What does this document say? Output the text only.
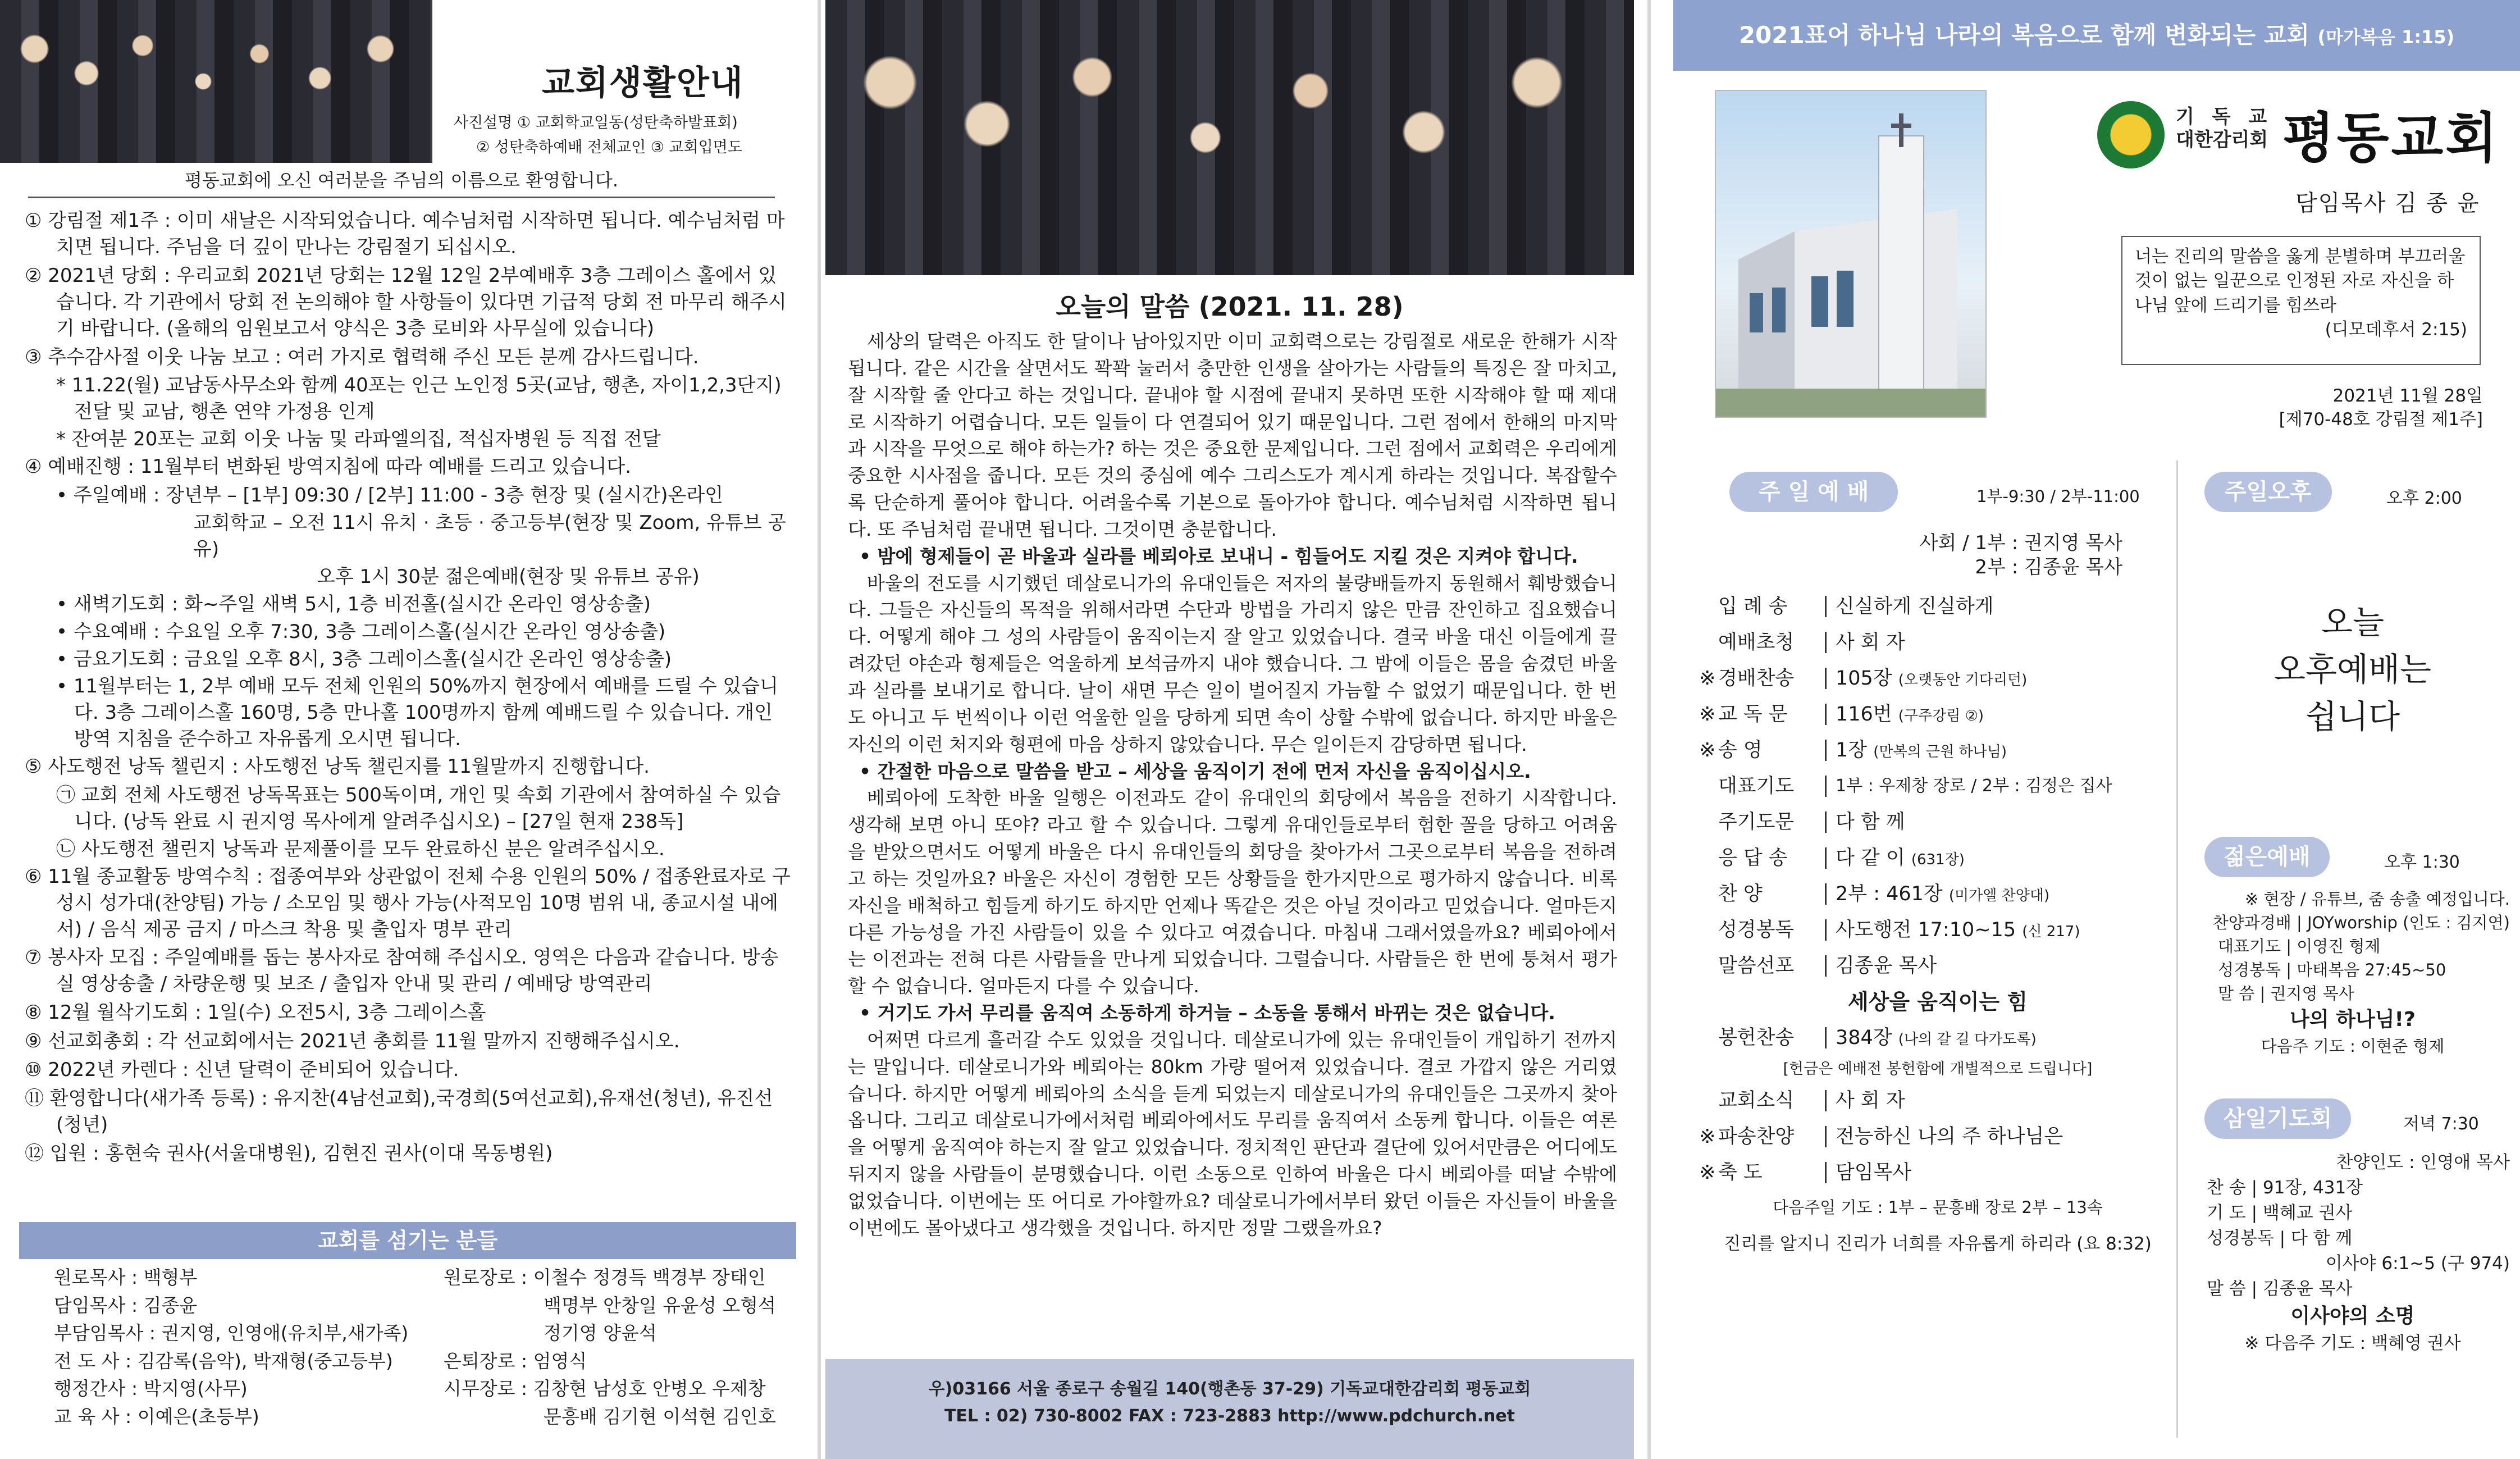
교회생활안내
사진설명 ① 교회학교일동(성탄축하발표회)
② 성탄축하예배 전체교인 ③ 교회입면도
평동교회에 오신 여러분을 주님의 이름으로 환영합니다.
① 강림절 제1주 : 이미 새날은 시작되었습니다. 예수님처럼 시작하면 됩니다. 예수님처럼 마치면 됩니다. 주님을 더 깊이 만나는 강림절기 되십시오.
② 2021년 당회 : 우리교회 2021년 당회는 12월 12일 2부예배후 3층 그레이스 홀에서 있습니다. 각 기관에서 당회 전 논의해야 할 사항들이 있다면 기급적 당회 전 마무리 해주시기 바랍니다. (올해의 임원보고서 양식은 3층 로비와 사무실에 있습니다)
③ 추수감사절 이웃 나눔 보고 : 여러 가지로 협력해 주신 모든 분께 감사드립니다.
* 11.22(월) 교남동사무소와 함께 40포는 인근 노인정 5곳(교남, 행촌, 자이1,2,3단지) 전달 및 교남, 행촌 연약 가정용 인계
* 잔여분 20포는 교회 이웃 나눔 및 라파엘의집, 적십자병원 등 직접 전달
④ 예배진행 : 11월부터 변화된 방역지침에 따라 예배를 드리고 있습니다.
• 주일예배 : 장년부 – [1부] 09:30 / [2부] 11:00 - 3층 현장 및 (실시간)온라인
교회학교 – 오전 11시 유치 · 초등 · 중고등부(현장 및 Zoom, 유튜브 공유)
오후 1시 30분 젊은예배(현장 및 유튜브 공유)
• 새벽기도회 : 화~주일 새벽 5시, 1층 비전홀(실시간 온라인 영상송출)
• 수요예배 : 수요일 오후 7:30, 3층 그레이스홀(실시간 온라인 영상송출)
• 금요기도회 : 금요일 오후 8시, 3층 그레이스홀(실시간 온라인 영상송출)
• 11월부터는 1, 2부 예배 모두 전체 인원의 50%까지 현장에서 예배를 드릴 수 있습니다. 3층 그레이스홀 160명, 5층 만나홀 100명까지 함께 예배드릴 수 있습니다. 개인 방역 지침을 준수하고 자유롭게 오시면 됩니다.
⑤ 사도행전 낭독 챌린지 : 사도행전 낭독 챌린지를 11월말까지 진행합니다.
㉠ 교회 전체 사도행전 낭독목표는 500독이며, 개인 및 속회 기관에서 참여하실 수 있습니다. (낭독 완료 시 권지영 목사에게 알려주십시오) – [27일 현재 238독]
㉡ 사도행전 챌린지 낭독과 문제풀이를 모두 완료하신 분은 알려주십시오.
⑥ 11월 종교활동 방역수칙 : 접종여부와 상관없이 전체 수용 인원의 50% / 접종완료자로 구성시 성가대(찬양팀) 가능 / 소모임 및 행사 가능(사적모임 10명 범위 내, 종교시설 내에서) / 음식 제공 금지 / 마스크 착용 및 출입자 명부 관리
⑦ 봉사자 모집 : 주일예배를 돕는 봉사자로 참여해 주십시오. 영역은 다음과 같습니다. 방송실 영상송출 / 차량운행 및 보조 / 출입자 안내 및 관리 / 예배당 방역관리
⑧ 12월 월삭기도회 : 1일(수) 오전5시, 3층 그레이스홀
⑨ 선교회총회 : 각 선교회에서는 2021년 총회를 11월 말까지 진행해주십시오.
⑩ 2022년 카렌다 : 신년 달력이 준비되어 있습니다.
⑪ 환영합니다(새가족 등록) : 유지찬(4남선교회),국경희(5여선교회),유재선(청년), 유진선(청년)
⑫ 입원 : 홍현숙 권사(서울대병원), 김현진 권사(이대 목동병원)
교회를 섬기는 분들
원로목사 : 백형부
담임목사 : 김종윤
부담임목사 : 권지영, 인영애(유치부,새가족)
전 도 사 : 김감록(음악), 박재형(중고등부)
행정간사 : 박지영(사무)
교 육 사 : 이예은(초등부)
원로장로 : 이철수 정경득 백경부 장태인
백명부 안창일 유윤성 오형석
정기영 양윤석
은퇴장로 : 엄영식
시무장로 : 김창현 남성호 안병오 우제창
문흥배 김기현 이석현 김인호
오늘의 말씀 (2021. 11. 28)

세상의 달력은 아직도 한 달이나 남아있지만 이미 교회력으로는 강림절로 새로운 한해가 시작됩니다. 같은 시간을 살면서도 꽉꽉 눌러서 충만한 인생을 살아가는 사람들의 특징은 잘 마치고, 잘 시작할 줄 안다고 하는 것입니다. 끝내야 할 시점에 끝내지 못하면 또한 시작해야 할 때 제대로 시작하기 어렵습니다. 모든 일들이 다 연결되어 있기 때문입니다. 그런 점에서 한해의 마지막과 시작을 무엇으로 해야 하는가? 하는 것은 중요한 문제입니다. 그런 점에서 교회력은 우리에게 중요한 시사점을 줍니다. 모든 것의 중심에 예수 그리스도가 계시게 하라는 것입니다. 복잡할수록 단순하게 풀어야 합니다. 어려울수록 기본으로 돌아가야 합니다. 예수님처럼 시작하면 됩니다. 또 주님처럼 끝내면 됩니다. 그것이면 충분합니다.

• 밤에 형제들이 곧 바울과 실라를 베뢰아로 보내니 - 힘들어도 지킬 것은 지켜야 합니다.

바울의 전도를 시기했던 데살로니가의 유대인들은 저자의 불량배들까지 동원해서 훼방했습니다. 그들은 자신들의 목적을 위해서라면 수단과 방법을 가리지 않은 만큼 잔인하고 집요했습니다. 어떻게 해야 그 성의 사람들이 움직이는지 잘 알고 있었습니다. 결국 바울 대신 이들에게 끌려갔던 야손과 형제들은 억울하게 보석금까지 내야 했습니다. 그 밤에 이들은 몸을 숨겼던 바울과 실라를 보내기로 합니다. 날이 새면 무슨 일이 벌어질지 가늠할 수 없었기 때문입니다. 한 번도 아니고 두 번씩이나 이런 억울한 일을 당하게 되면 속이 상할 수밖에 없습니다. 하지만 바울은 자신의 이런 처지와 형편에 마음 상하지 않았습니다. 무슨 일이든지 감당하면 됩니다.

• 간절한 마음으로 말씀을 받고 – 세상을 움직이기 전에 먼저 자신을 움직이십시오.

베뢰아에 도착한 바울 일행은 이전과도 같이 유대인의 회당에서 복음을 전하기 시작합니다. 생각해 보면 아니 또야? 라고 할 수 있습니다. 그렇게 유대인들로부터 험한 꼴을 당하고 어려움을 받았으면서도 어떻게 바울은 다시 유대인들의 회당을 찾아가서 그곳으로부터 복음을 전하려고 하는 것일까요? 바울은 자신이 경험한 모든 상황들을 한가지만으로 평가하지 않습니다. 비록 자신을 배척하고 힘들게 하기도 하지만 언제나 똑같은 것은 아닐 것이라고 믿었습니다. 얼마든지 다른 가능성을 가진 사람들이 있을 수 있다고 여겼습니다. 마침내 그래서였을까요? 베뢰아에서는 이전과는 전혀 다른 사람들을 만나게 되었습니다. 그럴습니다. 사람들은 한 번에 퉁쳐서 평가할 수 없습니다. 얼마든지 다를 수 있습니다.

• 거기도 가서 무리를 움직여 소동하게 하거늘 – 소동을 통해서 바뀌는 것은 없습니다.

어쩌면 다르게 흘러갈 수도 있었을 것입니다. 데살로니가에 있는 유대인들이 개입하기 전까지는 말입니다. 데살로니가와 베뢰아는 80km 가량 떨어져 있었습니다. 결코 가깝지 않은 거리였습니다. 하지만 어떻게 베뢰아의 소식을 듣게 되었는지 데살로니가의 유대인들은 그곳까지 찾아옵니다. 그리고 데살로니가에서처럼 베뢰아에서도 무리를 움직여서 소동케 합니다. 이들은 여론을 어떻게 움직여야 하는지 잘 알고 있었습니다. 정치적인 판단과 결단에 있어서만큼은 어디에도 뒤지지 않을 사람들이 분명했습니다. 이런 소동으로 인하여 바울은 다시 베뢰아를 떠날 수밖에 없었습니다. 이번에는 또 어디로 가야할까요? 데살로니가에서부터 왔던 이들은 자신들이 바울을 이번에도 몰아냈다고 생각했을 것입니다. 하지만 정말 그랬을까요?

우)03166 서울 종로구 송월길 140(행촌동 37-29) 기독교대한감리회 평동교회
TEL : 02) 730-8002 FAX : 723-2883 http://www.pdchurch.net
2021표어 하나님 나라의 복음으로 함께 변화되는 교회 (마가복음 1:15)
기 독 교
대한감리회 평동교회
담임목사 김 종 윤
너는 진리의 말씀을 옳게 분별하며 부끄러울 것이 없는 일꾼으로 인정된 자로 자신을 하나님 앞에 드리기를 힘쓰라
(디모데후서 2:15)
2021년 11월 28일
[제70-48호 강림절 제1주]
주 일 예 배	1부-9:30 / 2부-11:00
사회 / 1부 : 권지영 목사
2부 : 김종윤 목사
입 례 송	신실하게 진실하게
예배초청	사 회 자
※ 경배찬송	105장 (오랫동안 기다리던)
※ 교 독 문	116번 (구주강림 ②)
※ 송 영	1장 (만복의 근원 하나님)
대표기도	1부 : 우제창 장로 / 2부 : 김정은 집사
주기도문	다 함 께
응 답 송	다 같 이 (631장)
찬 양	2부 : 461장 (미가엘 찬양대)
성경봉독	사도행전 17:10~15 (신 217)
말씀선포	김종윤 목사
세상을 움직이는 힘
봉헌찬송	384장 (나의 갈 길 다가도록)
[헌금은 예배전 봉헌함에 개별적으로 드립니다]
교회소식	사 회 자
※ 파송찬양	전능하신 나의 주 하나님은
※ 축 도	담임목사
다음주일 기도 : 1부 – 문흥배 장로 2부 – 13속
진리를 알지니 진리가 너희를 자유롭게 하리라 (요 8:32)
주일오후	오후 2:00
오늘
오후예배는
쉽니다
젊은예배	오후 1:30
※ 현장 / 유튜브, 줌 송출 예정입니다.
찬양과경배 | JOYworship (인도 : 김지연)
대표기도 | 이영진 형제
성경봉독 | 마태복음 27:45~50
말 씀 | 권지영 목사
나의 하나님!?
다음주 기도 : 이현준 형제
삼일기도회	저녁 7:30
찬양인도 : 인영애 목사
찬 송 | 91장, 431장
기 도 | 백혜교 권사
성경봉독 | 다 함 께
이사야 6:1~5 (구 974)
말 씀 | 김종윤 목사
이사야의 소명
※ 다음주 기도 : 백혜영 권사
